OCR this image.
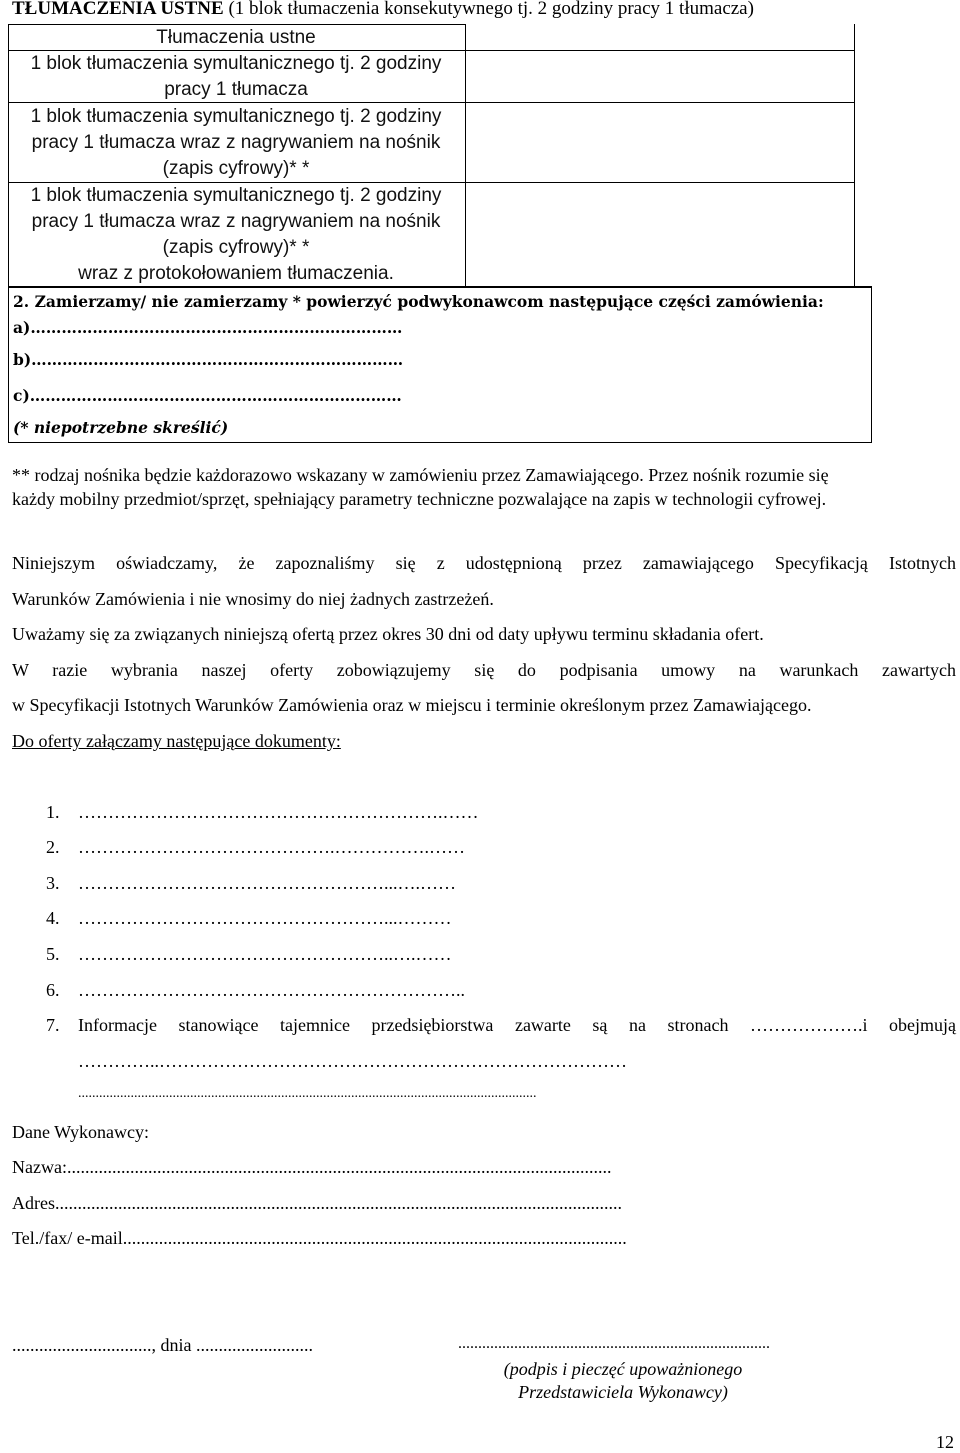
TŁUMACZENIA USTNE (1 blok tłumaczenia konsekutywnego tj. 2 godziny pracy 1 tłumacza)
Tłumaczenia ustne
1 blok tłumaczenia symultanicznego tj. 2 godziny
pracy 1 tłumacza
1 blok tłumaczenia symultanicznego tj. 2 godziny
pracy 1 tłumacza wraz z nagrywaniem na nośnik
(zapis cyfrowy)* *
1 blok tłumaczenia symultanicznego tj. 2 godziny
pracy 1 tłumacza wraz z nagrywaniem na nośnik
(zapis cyfrowy)* *
wraz z protokołowaniem tłumaczenia.
2. Zamierzamy/ nie zamierzamy * powierzyć podwykonawcom następujące części zamówienia:
a)………………………………………………………………
b)………………………………………………………………
c)………………………………………………………………
(* niepotrzebne skreślić)
** rodzaj nośnika będzie każdorazowo wskazany w zamówieniu przez Zamawiającego. Przez nośnik rozumie się
każdy mobilny przedmiot/sprzęt, spełniający parametry techniczne pozwalające na zapis w technologii cyfrowej.
Niniejszym oświadczamy, że zapoznaliśmy się z udostępnioną przez zamawiającego Specyfikacją Istotnych
Warunków Zamówienia i nie wnosimy do niej żadnych zastrzeżeń.
Uważamy się za związanych niniejszą ofertą przez okres 30 dni od daty upływu terminu składania ofert.
W razie wybrania naszej oferty zobowiązujemy się do podpisania umowy na warunkach zawartych
w Specyfikacji Istotnych Warunków Zamówienia oraz w miejscu i terminie określonym przez Zamawiającego.
Do oferty załączamy następujące dokumenty:
1. …………………………………………………….……
2. …………………………………….…………….……
3. ……………………………………………...….……
4. ……………………………………………...………
5. ……………………………………………..….……
6. ………………………………………………………..
7. Informacje stanowiące tajemnice przedsiębiorstwa zawarte są na stronach ……………….i obejmują
…………..……………………………………………………………………
...................................................................................................................................
Dane Wykonawcy:
Nazwa:.........................................................................................................................
Adres..............................................................................................................................
Tel./fax/ e-mail................................................................................................................
..............................., dnia ..........................	..............................................................................
(podpis i pieczęć upoważnionego
Przedstawiciela Wykonawcy)
12
